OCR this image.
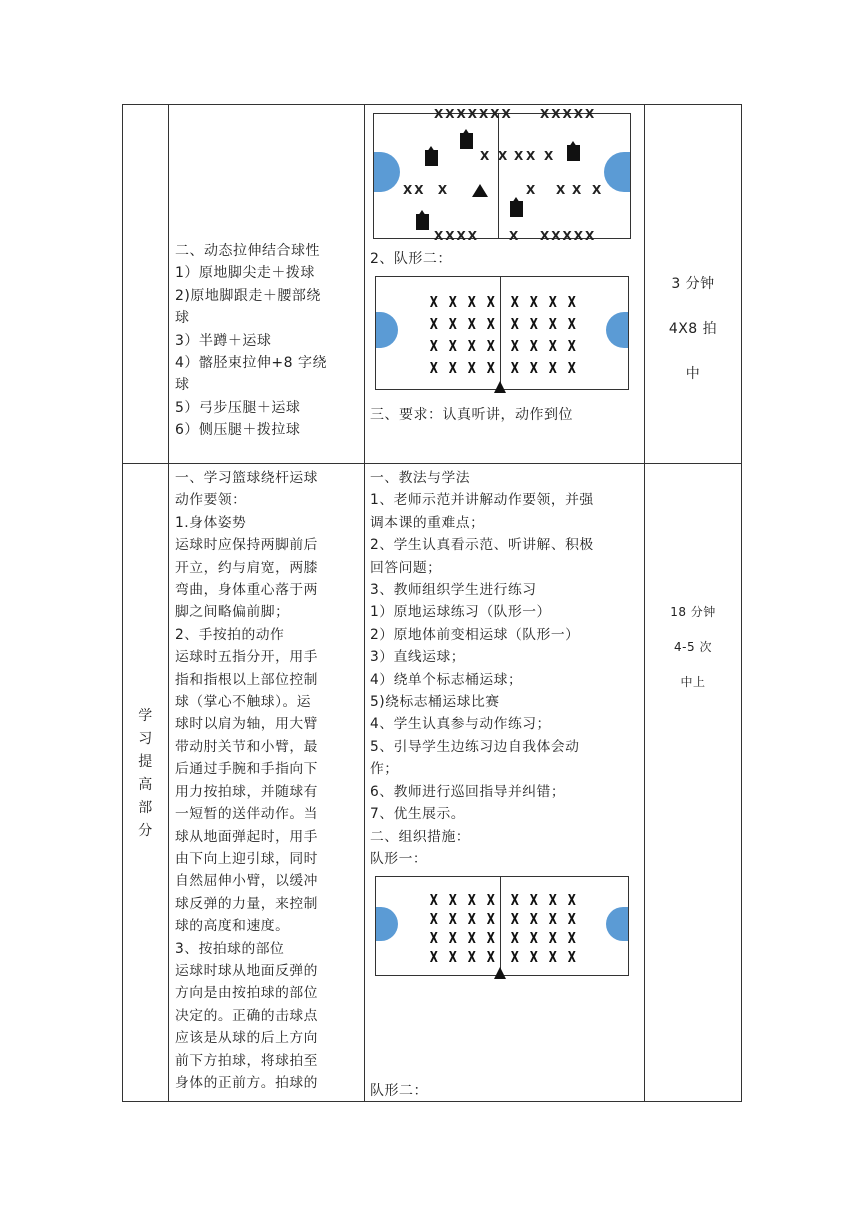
二、动态拉伸结合球性
1）原地脚尖走＋拨球
2)原地脚跟走＋腰部绕
球
3）半蹲＋运球
4）髂胫束拉伸+8 字绕
球
5）弓步压腿＋运球
6）侧压腿＋拨拉球
XXXXXXX XXXXX
X X X X X
XX  X	X X X X
XXXX X XXXXX
2、队形二：
X X X X X X X X
X X X X X X X X
X X X X X X X X
X X X X X X X X
三、要求：认真听讲，动作到位
3 分钟
4X8 拍
中
学
习
提
高
部
分
一、学习篮球绕杆运球
动作要领：
1.身体姿势
运球时应保持两脚前后
开立，约与肩宽，两膝
弯曲，身体重心落于两
脚之间略偏前脚；
2、手按拍的动作
运球时五指分开，用手
指和指根以上部位控制
球（掌心不触球）。运
球时以肩为轴，用大臂
带动肘关节和小臂，最
后通过手腕和手指向下
用力按拍球，并随球有
一短暂的送伴动作。当
球从地面弹起时，用手
由下向上迎引球，同时
自然屈伸小臂，以缓冲
球反弹的力量，来控制
球的高度和速度。
3、按拍球的部位
运球时球从地面反弹的
方向是由按拍球的部位
决定的。正确的击球点
应该是从球的后上方向
前下方拍球，将球拍至
身体的正前方。拍球的
一、教法与学法
1、老师示范并讲解动作要领，并强
调本课的重难点；
2、学生认真看示范、听讲解、积极
回答问题；
3、教师组织学生进行练习
1）原地运球练习（队形一）
2）原地体前变相运球（队形一）
3）直线运球；
4）绕单个标志桶运球；
5)绕标志桶运球比赛
4、学生认真参与动作练习；
5、引导学生边练习边自我体会动
作；
6、教师进行巡回指导并纠错；
7、优生展示。
二、组织措施：
队形一：
X X X X X X X X
X X X X X X X X
X X X X X X X X
X X X X X X X X
队形二：
18 分钟
4-5 次
中上
